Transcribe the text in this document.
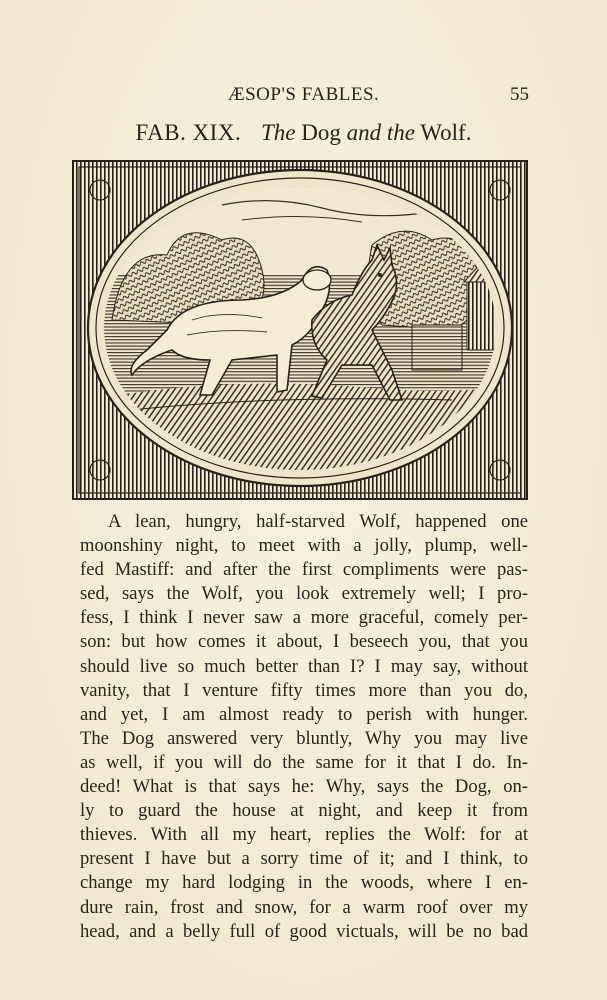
ÆSOP'S FABLES.	55
FAB. XIX. The Dog and the Wolf.
A lean, hungry, half-starved Wolf, happened one
moonshiny night, to meet with a jolly, plump, well-
fed Mastiff: and after the first compliments were pas-
sed, says the Wolf, you look extremely well; I pro-
fess, I think I never saw a more graceful, comely per-
son: but how comes it about, I beseech you, that you
should live so much better than I? I may say, without
vanity, that I venture fifty times more than you do,
and yet, I am almost ready to perish with hunger.
The Dog answered very bluntly, Why you may live
as well, if you will do the same for it that I do. In-
deed! What is that says he: Why, says the Dog, on-
ly to guard the house at night, and keep it from
thieves. With all my heart, replies the Wolf: for at
present I have but a sorry time of it; and I think, to
change my hard lodging in the woods, where I en-
dure rain, frost and snow, for a warm roof over my
head, and a belly full of good victuals, will be no bad
